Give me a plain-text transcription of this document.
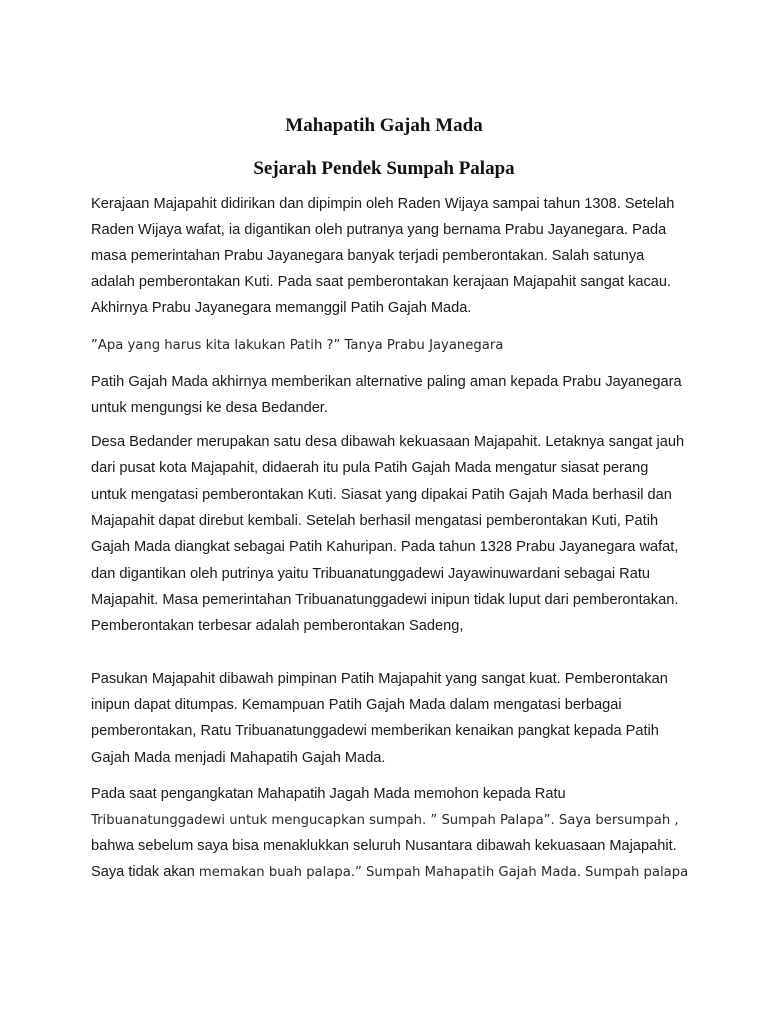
Mahapatih Gajah Mada
Sejarah Pendek Sumpah Palapa
Kerajaan Majapahit didirikan dan dipimpin oleh Raden Wijaya sampai tahun 1308. Setelah
Raden Wijaya wafat, ia digantikan oleh putranya yang bernama Prabu Jayanegara. Pada
masa pemerintahan Prabu Jayanegara banyak terjadi pemberontakan. Salah satunya
adalah pemberontakan Kuti. Pada saat pemberontakan kerajaan Majapahit sangat kacau.
Akhirnya Prabu Jayanegara memanggil Patih Gajah Mada.
”Apa yang harus kita lakukan Patih ?” Tanya Prabu Jayanegara
Patih Gajah Mada akhirnya memberikan alternative paling aman kepada Prabu Jayanegara
untuk mengungsi ke desa Bedander.
Desa Bedander merupakan satu desa dibawah kekuasaan Majapahit. Letaknya sangat jauh
dari pusat kota Majapahit, didaerah itu pula Patih Gajah Mada mengatur siasat perang
untuk mengatasi pemberontakan Kuti. Siasat yang dipakai Patih Gajah Mada berhasil dan
Majapahit dapat direbut kembali. Setelah berhasil mengatasi pemberontakan Kuti, Patih
Gajah Mada diangkat sebagai Patih Kahuripan. Pada tahun 1328 Prabu Jayanegara wafat,
dan digantikan oleh putrinya yaitu Tribuanatunggadewi Jayawinuwardani sebagai Ratu
Majapahit. Masa pemerintahan Tribuanatunggadewi inipun tidak luput dari pemberontakan.
Pemberontakan terbesar adalah pemberontakan Sadeng,
Pasukan Majapahit dibawah pimpinan Patih Majapahit yang sangat kuat. Pemberontakan
inipun dapat ditumpas. Kemampuan Patih Gajah Mada dalam mengatasi berbagai
pemberontakan, Ratu Tribuanatunggadewi memberikan kenaikan pangkat kepada Patih
Gajah Mada menjadi Mahapatih Gajah Mada.
Pada saat pengangkatan Mahapatih Jagah Mada memohon kepada Ratu
Tribuanatunggadewi untuk mengucapkan sumpah. ” Sumpah Palapa”. Saya bersumpah ,
bahwa sebelum saya bisa menaklukkan seluruh Nusantara dibawah kekuasaan Majapahit.
Saya tidak akan memakan buah palapa.” Sumpah Mahapatih Gajah Mada. Sumpah palapa
